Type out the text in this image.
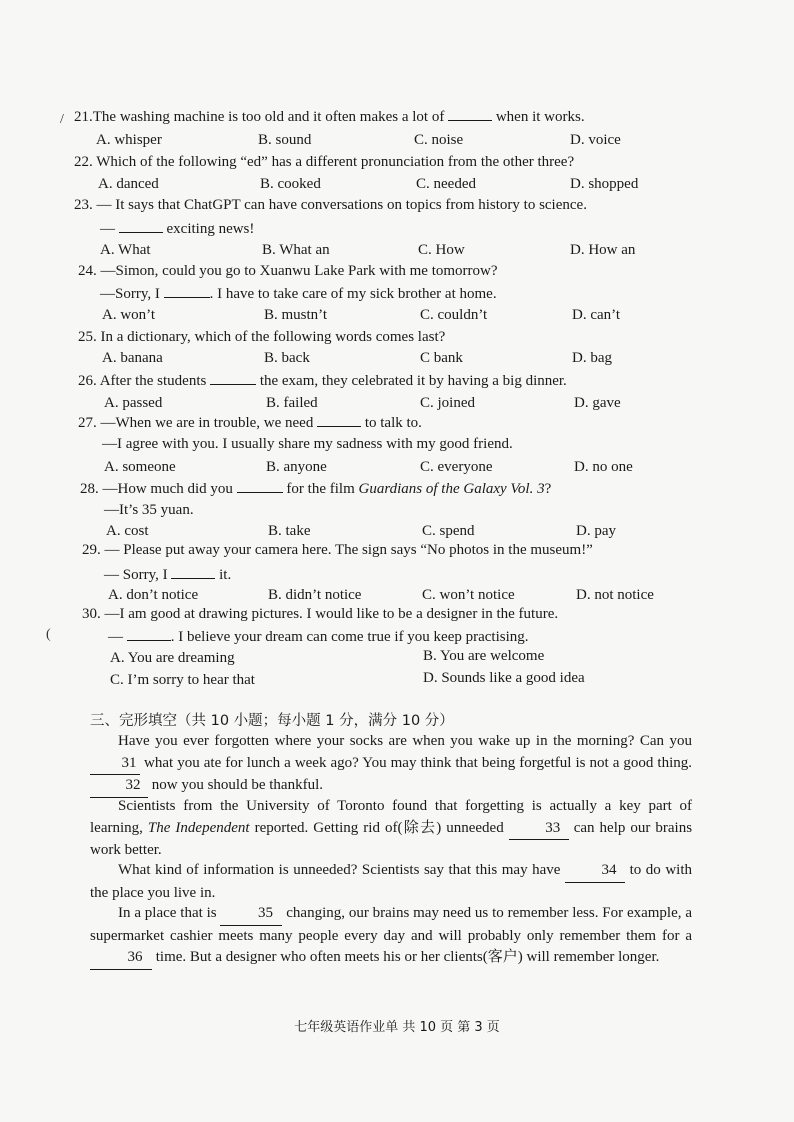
/
(
21.The washing machine is too old and it often makes a lot of	when it works.
A. whisper	B. sound	C. noise	D. voice
22. Which of the following “ed” has a different pronunciation from the other three?
A. danced	B. cooked	C. needed	D. shopped
23. — It says that ChatGPT can have conversations on topics from history to science.
—	exciting news!
A. What	B. What an	C. How	D. How an
24. —Simon, could you go to Xuanwu Lake Park with me tomorrow?
—Sorry, I	. I have to take care of my sick brother at home.
A. won’t	B. mustn’t	C. couldn’t	D. can’t
25. In a dictionary, which of the following words comes last?
A. banana	B. back	C bank	D. bag
26. After the students	the exam, they celebrated it by having a big dinner.
A. passed	B. failed	C. joined	D. gave
27. —When we are in trouble, we need	to talk to.
—I agree with you. I usually share my sadness with my good friend.
A. someone	B. anyone	C. everyone	D. no one
28. —How much did you	for the film Guardians of the Galaxy Vol. 3?
—It’s 35 yuan.
A. cost	B. take	C. spend	D. pay
29. — Please put away your camera here. The sign says “No photos in the museum!”
— Sorry, I	it.
A. don’t notice	B. didn’t notice	C. won’t notice	D. not notice
30. —I am good at drawing pictures. I would like to be a designer in the future.
—	. I believe your dream can come true if you keep practising.
A. You are dreaming	B. You are welcome
C. I’m sorry to hear that	D. Sounds like a good idea
三、完形填空（共 10 小题；每小题 1 分，满分 10 分）
Have you ever forgotten where your socks are when you wake up in the morning? Can you 31 what you ate for lunch a week ago? You may think that being forgetful is not a good thing. 32 now you should be thankful.
Scientists from the University of Toronto found that forgetting is actually a key part of learning, The Independent reported. Getting rid of(除去) unneeded	33 can help our brains work better.
What kind of information is unneeded? Scientists say that this may have	34 to do with the place you live in.
In a place that is	35 changing, our brains may need us to remember less. For example, a supermarket cashier meets many people every day and will probably only remember them for a 36 time. But a designer who often meets his or her clients(客户) will remember longer.
七年级英语作业单 共 10 页 第 3 页
